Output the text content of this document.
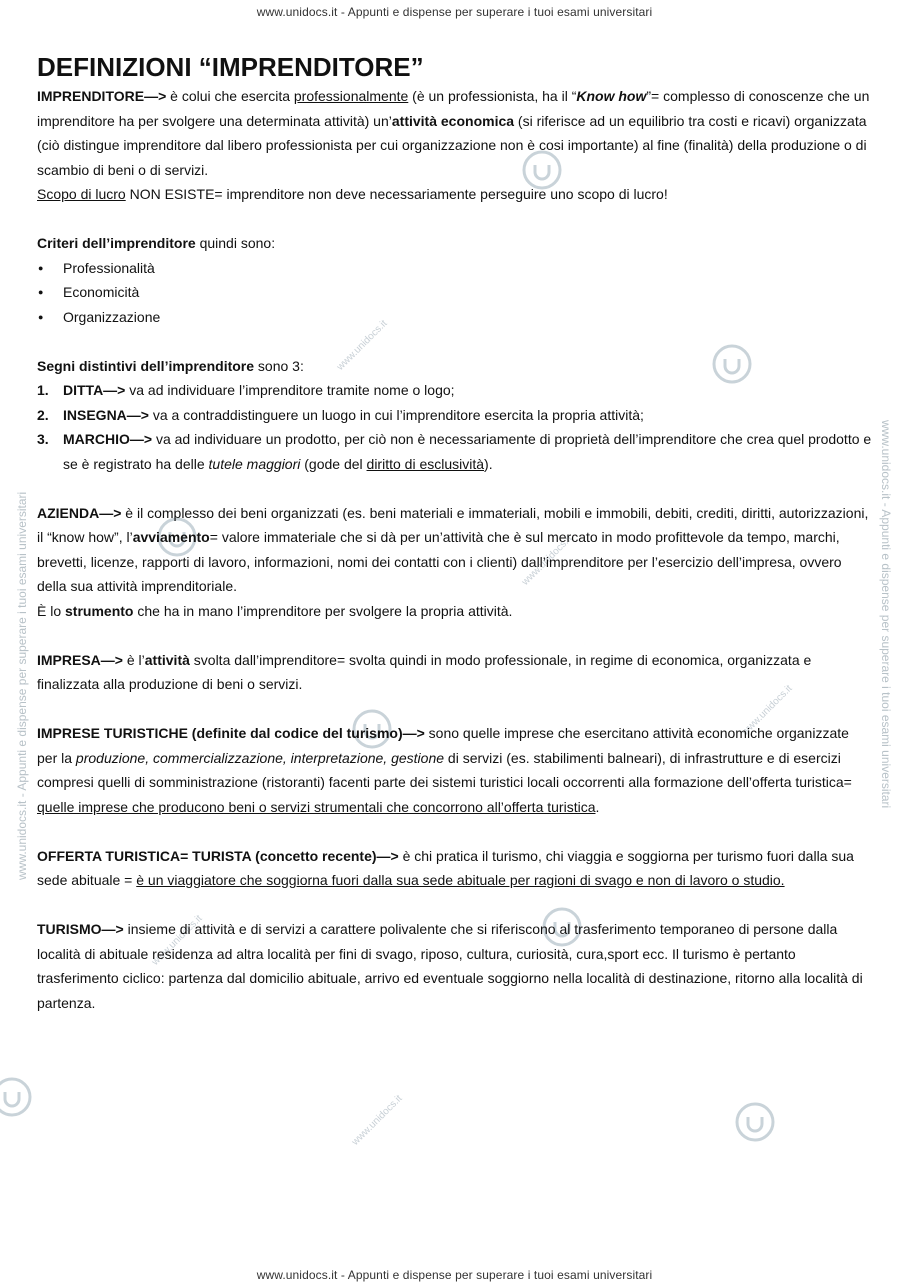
www.unidocs.it - Appunti e dispense per superare i tuoi esami universitari
www.unidocs.it - Appunti e dispense per superare i tuoi esami universitari
www.unidocs.it - Appunti e dispense per superare i tuoi esami universitari	www.unidocs.it - Appunti e dispense per superare i tuoi esami universitari
www.unidocs.it
www.unidocs.it
www.unidocs.it
www.unidocs.it
www.unidocs.it
DEFINIZIONI “IMPRENDITORE”

IMPRENDITORE—> è colui che esercita professionalmente (è un professionista, ha il “Know how”= complesso di conoscenze che un imprenditore ha per svolgere una determinata attività) un’attività economica (si riferisce ad un equilibrio tra costi e ricavi) organizzata (ciò distingue imprenditore dal libero professionista per cui organizzazione non è cosi importante) al fine (finalità) della produzione o di scambio di beni o di servizi.

Scopo di lucro NON ESISTE= imprenditore non deve necessariamente perseguire uno scopo di lucro!

Criteri dell’imprenditore quindi sono:

● Professionalità
● Economicità
● Organizzazione

Segni distintivi dell’imprenditore sono 3:

1. DITTA—> va ad individuare l’imprenditore tramite nome o logo;
2. INSEGNA—> va a contraddistinguere un luogo in cui l’imprenditore esercita la propria attività;
3. MARCHIO—> va ad individuare un prodotto, per ciò non è necessariamente di proprietà dell’imprenditore che crea quel prodotto e se è registrato ha delle tutele maggiori (gode del diritto di esclusività).

AZIENDA—> è il complesso dei beni organizzati (es. beni materiali e immateriali, mobili e immobili, debiti, crediti, diritti, autorizzazioni, il “know how”, l’avviamento= valore immateriale che si dà per un’attività che è sul mercato in modo profittevole da tempo, marchi, brevetti, licenze, rapporti di lavoro, informazioni, nomi dei contatti con i clienti) dall’imprenditore per l’esercizio dell’impresa, ovvero della sua attività imprenditoriale.

È lo strumento che ha in mano l’imprenditore per svolgere la propria attività.

IMPRESA—> è l’attività svolta dall’imprenditore= svolta quindi in modo professionale, in regime di economica, organizzata e finalizzata alla produzione di beni o servizi.

IMPRESE TURISTICHE (definite dal codice del turismo)—> sono quelle imprese che esercitano attività economiche organizzate per la produzione, commercializzazione, interpretazione, gestione di servizi (es. stabilimenti balneari), di infrastrutture e di esercizi compresi quelli di somministrazione (ristoranti) facenti parte dei sistemi turistici locali occorrenti alla formazione dell’offerta turistica= quelle imprese che producono beni o servizi strumentali che concorrono all’offerta turistica.

OFFERTA TURISTICA= TURISTA (concetto recente)—> è chi pratica il turismo, chi viaggia e soggiorna per turismo fuori dalla sua sede abituale = è un viaggiatore che soggiorna fuori dalla sua sede abituale per ragioni di svago e non di lavoro o studio.

TURISMO—> insieme di attività e di servizi a carattere polivalente che si riferiscono al trasferimento temporaneo di persone dalla località di abituale residenza ad altra località per fini di svago, riposo, cultura, curiosità, cura,sport ecc. Il turismo è pertanto trasferimento ciclico: partenza dal domicilio abituale, arrivo ed eventuale soggiorno nella località di destinazione, ritorno alla località di partenza.
